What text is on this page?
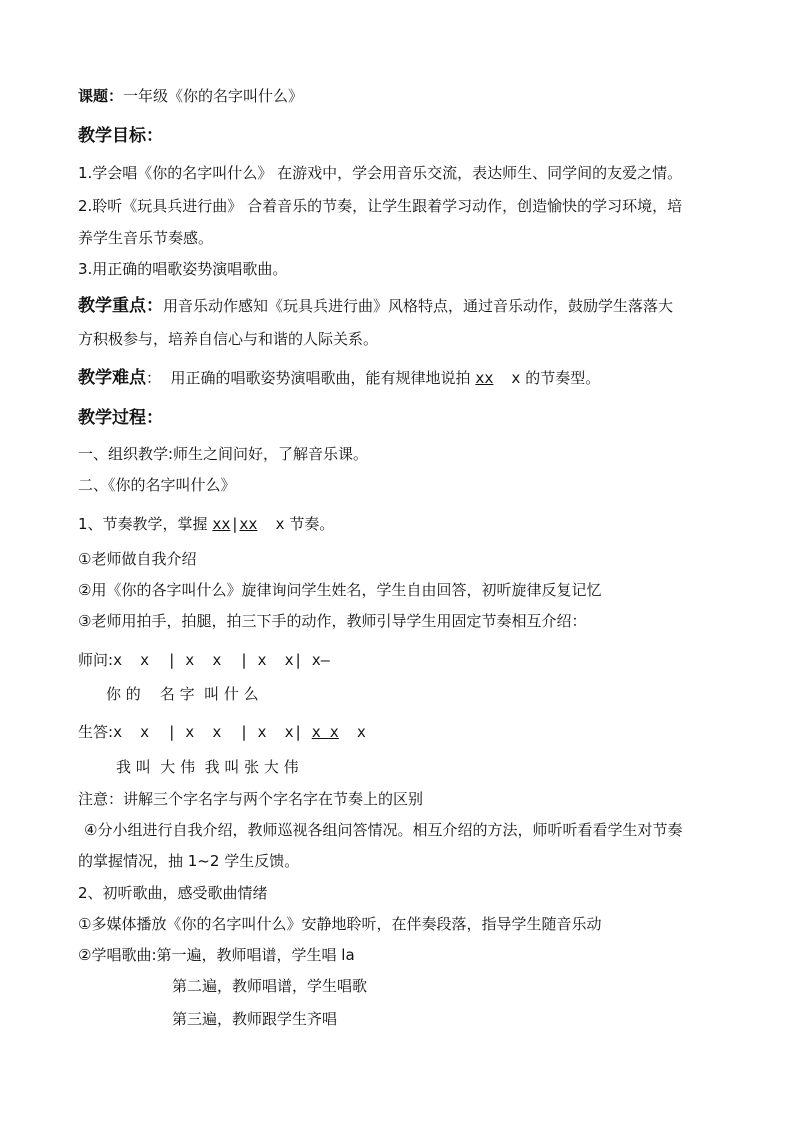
课题：一年级《你的名字叫什么》
教学目标：
1.学会唱《你的名字叫什么》 在游戏中，学会用音乐交流，表达师生、同学间的友爱之情。
2.聆听《玩具兵进行曲》 合着音乐的节奏，让学生跟着学习动作，创造愉快的学习环境，培
养学生音乐节奏感。
3.用正确的唱歌姿势演唱歌曲。
教学重点：用音乐动作感知《玩具兵进行曲》风格特点，通过音乐动作，鼓励学生落落大
方积极参与，培养自信心与和谐的人际关系。
教学难点：  用正确的唱歌姿势演唱歌曲，能有规律地说拍 xx  x 的节奏型。
教学过程：
一、组织教学:师生之间问好，了解音乐课。
二、《你的名字叫什么》
1、节奏教学，掌握 xx|xx  x 节奏。
①老师做自我介绍
②用《你的各字叫什么》旋律询问学生姓名，学生自由回答，初听旋律反复记忆
③老师用拍手，拍腿，拍三下手的动作，教师引导学生用固定节奏相互介绍：
师问:x  x  | x  x  | x  x| x—
你 的    名 字  叫 什 么
生答:x  x  | x  x  | x  x| x x  x
我 叫  大 伟  我 叫 张 大 伟
注意：讲解三个字名字与两个字名字在节奏上的区别
④分小组进行自我介绍，教师巡视各组问答情况。相互介绍的方法，师听听看看学生对节奏
的掌握情况，抽 1~2 学生反馈。
2、初听歌曲，感受歌曲情绪
①多媒体播放《你的名字叫什么》安静地聆听，在伴奏段落，指导学生随音乐动
②学唱歌曲:第一遍，教师唱谱，学生唱 la
第二遍，教师唱谱，学生唱歌
第三遍，教师跟学生齐唱
